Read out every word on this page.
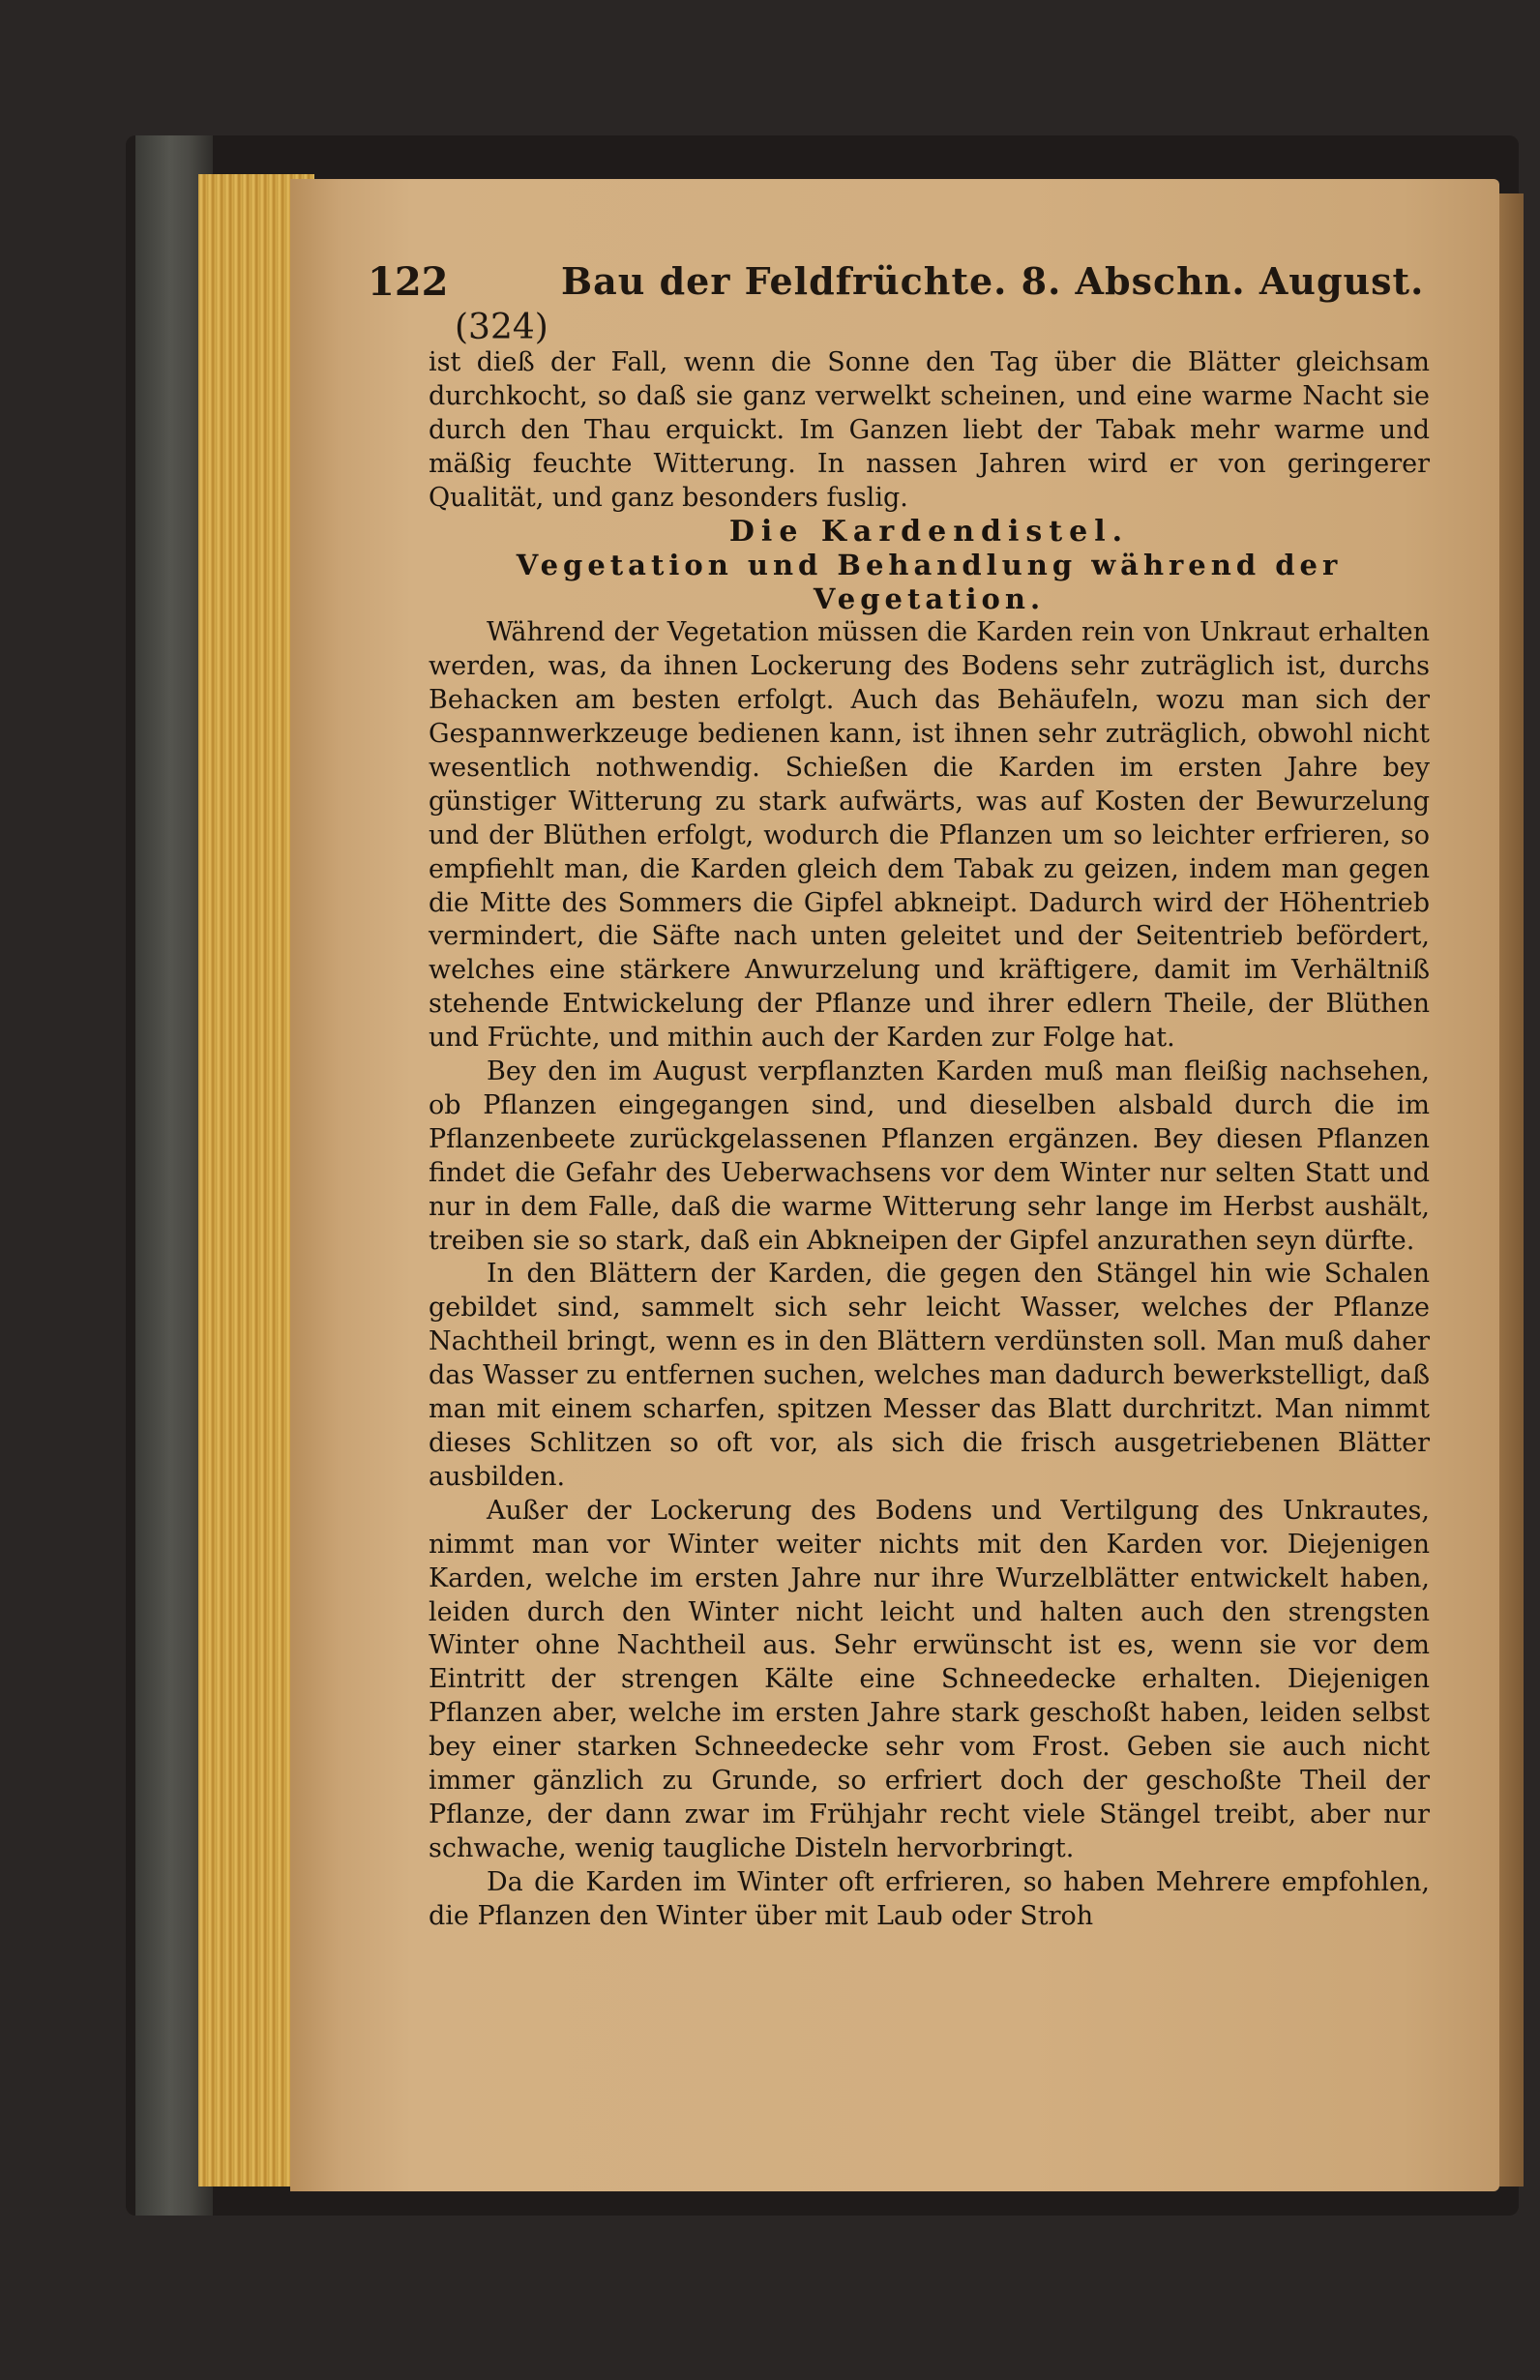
122	Bau der Feldfrüchte. 8. Abschn. August.
(324)

ist dieß der Fall, wenn die Sonne den Tag über die Blätter gleichsam durchkocht, so daß sie ganz verwelkt scheinen, und eine warme Nacht sie durch den Thau erquickt. Im Ganzen liebt der Tabak mehr warme und mäßig feuchte Witterung. In nassen Jahren wird er von geringerer Qualität, und ganz besonders fuslig.

Die Kardendistel.
Vegetation und Behandlung während der Vegetation.

Während der Vegetation müssen die Karden rein von Unkraut erhalten werden, was, da ihnen Lockerung des Bodens sehr zuträglich ist, durchs Behacken am besten erfolgt. Auch das Behäufeln, wozu man sich der Gespannwerkzeuge bedienen kann, ist ihnen sehr zuträglich, obwohl nicht wesentlich nothwendig. Schießen die Karden im ersten Jahre bey günstiger Witterung zu stark aufwärts, was auf Kosten der Bewurzelung und der Blüthen erfolgt, wodurch die Pflanzen um so leichter erfrieren, so empfiehlt man, die Karden gleich dem Tabak zu geizen, indem man gegen die Mitte des Sommers die Gipfel abkneipt. Dadurch wird der Höhentrieb vermindert, die Säfte nach unten geleitet und der Seitentrieb befördert, welches eine stärkere Anwurzelung und kräftigere, damit im Verhältniß stehende Entwickelung der Pflanze und ihrer edlern Theile, der Blüthen und Früchte, und mithin auch der Karden zur Folge hat.

Bey den im August verpflanzten Karden muß man fleißig nachsehen, ob Pflanzen eingegangen sind, und dieselben alsbald durch die im Pflanzenbeete zurückgelassenen Pflanzen ergänzen. Bey diesen Pflanzen findet die Gefahr des Ueberwachsens vor dem Winter nur selten Statt und nur in dem Falle, daß die warme Witterung sehr lange im Herbst aushält, treiben sie so stark, daß ein Abkneipen der Gipfel anzurathen seyn dürfte.

In den Blättern der Karden, die gegen den Stängel hin wie Schalen gebildet sind, sammelt sich sehr leicht Wasser, welches der Pflanze Nachtheil bringt, wenn es in den Blättern verdünsten soll. Man muß daher das Wasser zu entfernen suchen, welches man dadurch bewerkstelligt, daß man mit einem scharfen, spitzen Messer das Blatt durchritzt. Man nimmt dieses Schlitzen so oft vor, als sich die frisch ausgetriebenen Blätter ausbilden.

Außer der Lockerung des Bodens und Vertilgung des Unkrautes, nimmt man vor Winter weiter nichts mit den Karden vor. Diejenigen Karden, welche im ersten Jahre nur ihre Wurzelblätter entwickelt haben, leiden durch den Winter nicht leicht und halten auch den strengsten Winter ohne Nachtheil aus. Sehr erwünscht ist es, wenn sie vor dem Eintritt der strengen Kälte eine Schneedecke erhalten. Diejenigen Pflanzen aber, welche im ersten Jahre stark geschoßt haben, leiden selbst bey einer starken Schneedecke sehr vom Frost. Geben sie auch nicht immer gänzlich zu Grunde, so erfriert doch der geschoßte Theil der Pflanze, der dann zwar im Frühjahr recht viele Stängel treibt, aber nur schwache, wenig taugliche Disteln hervorbringt.

Da die Karden im Winter oft erfrieren, so haben Mehrere empfohlen, die Pflanzen den Winter über mit Laub oder Stroh
